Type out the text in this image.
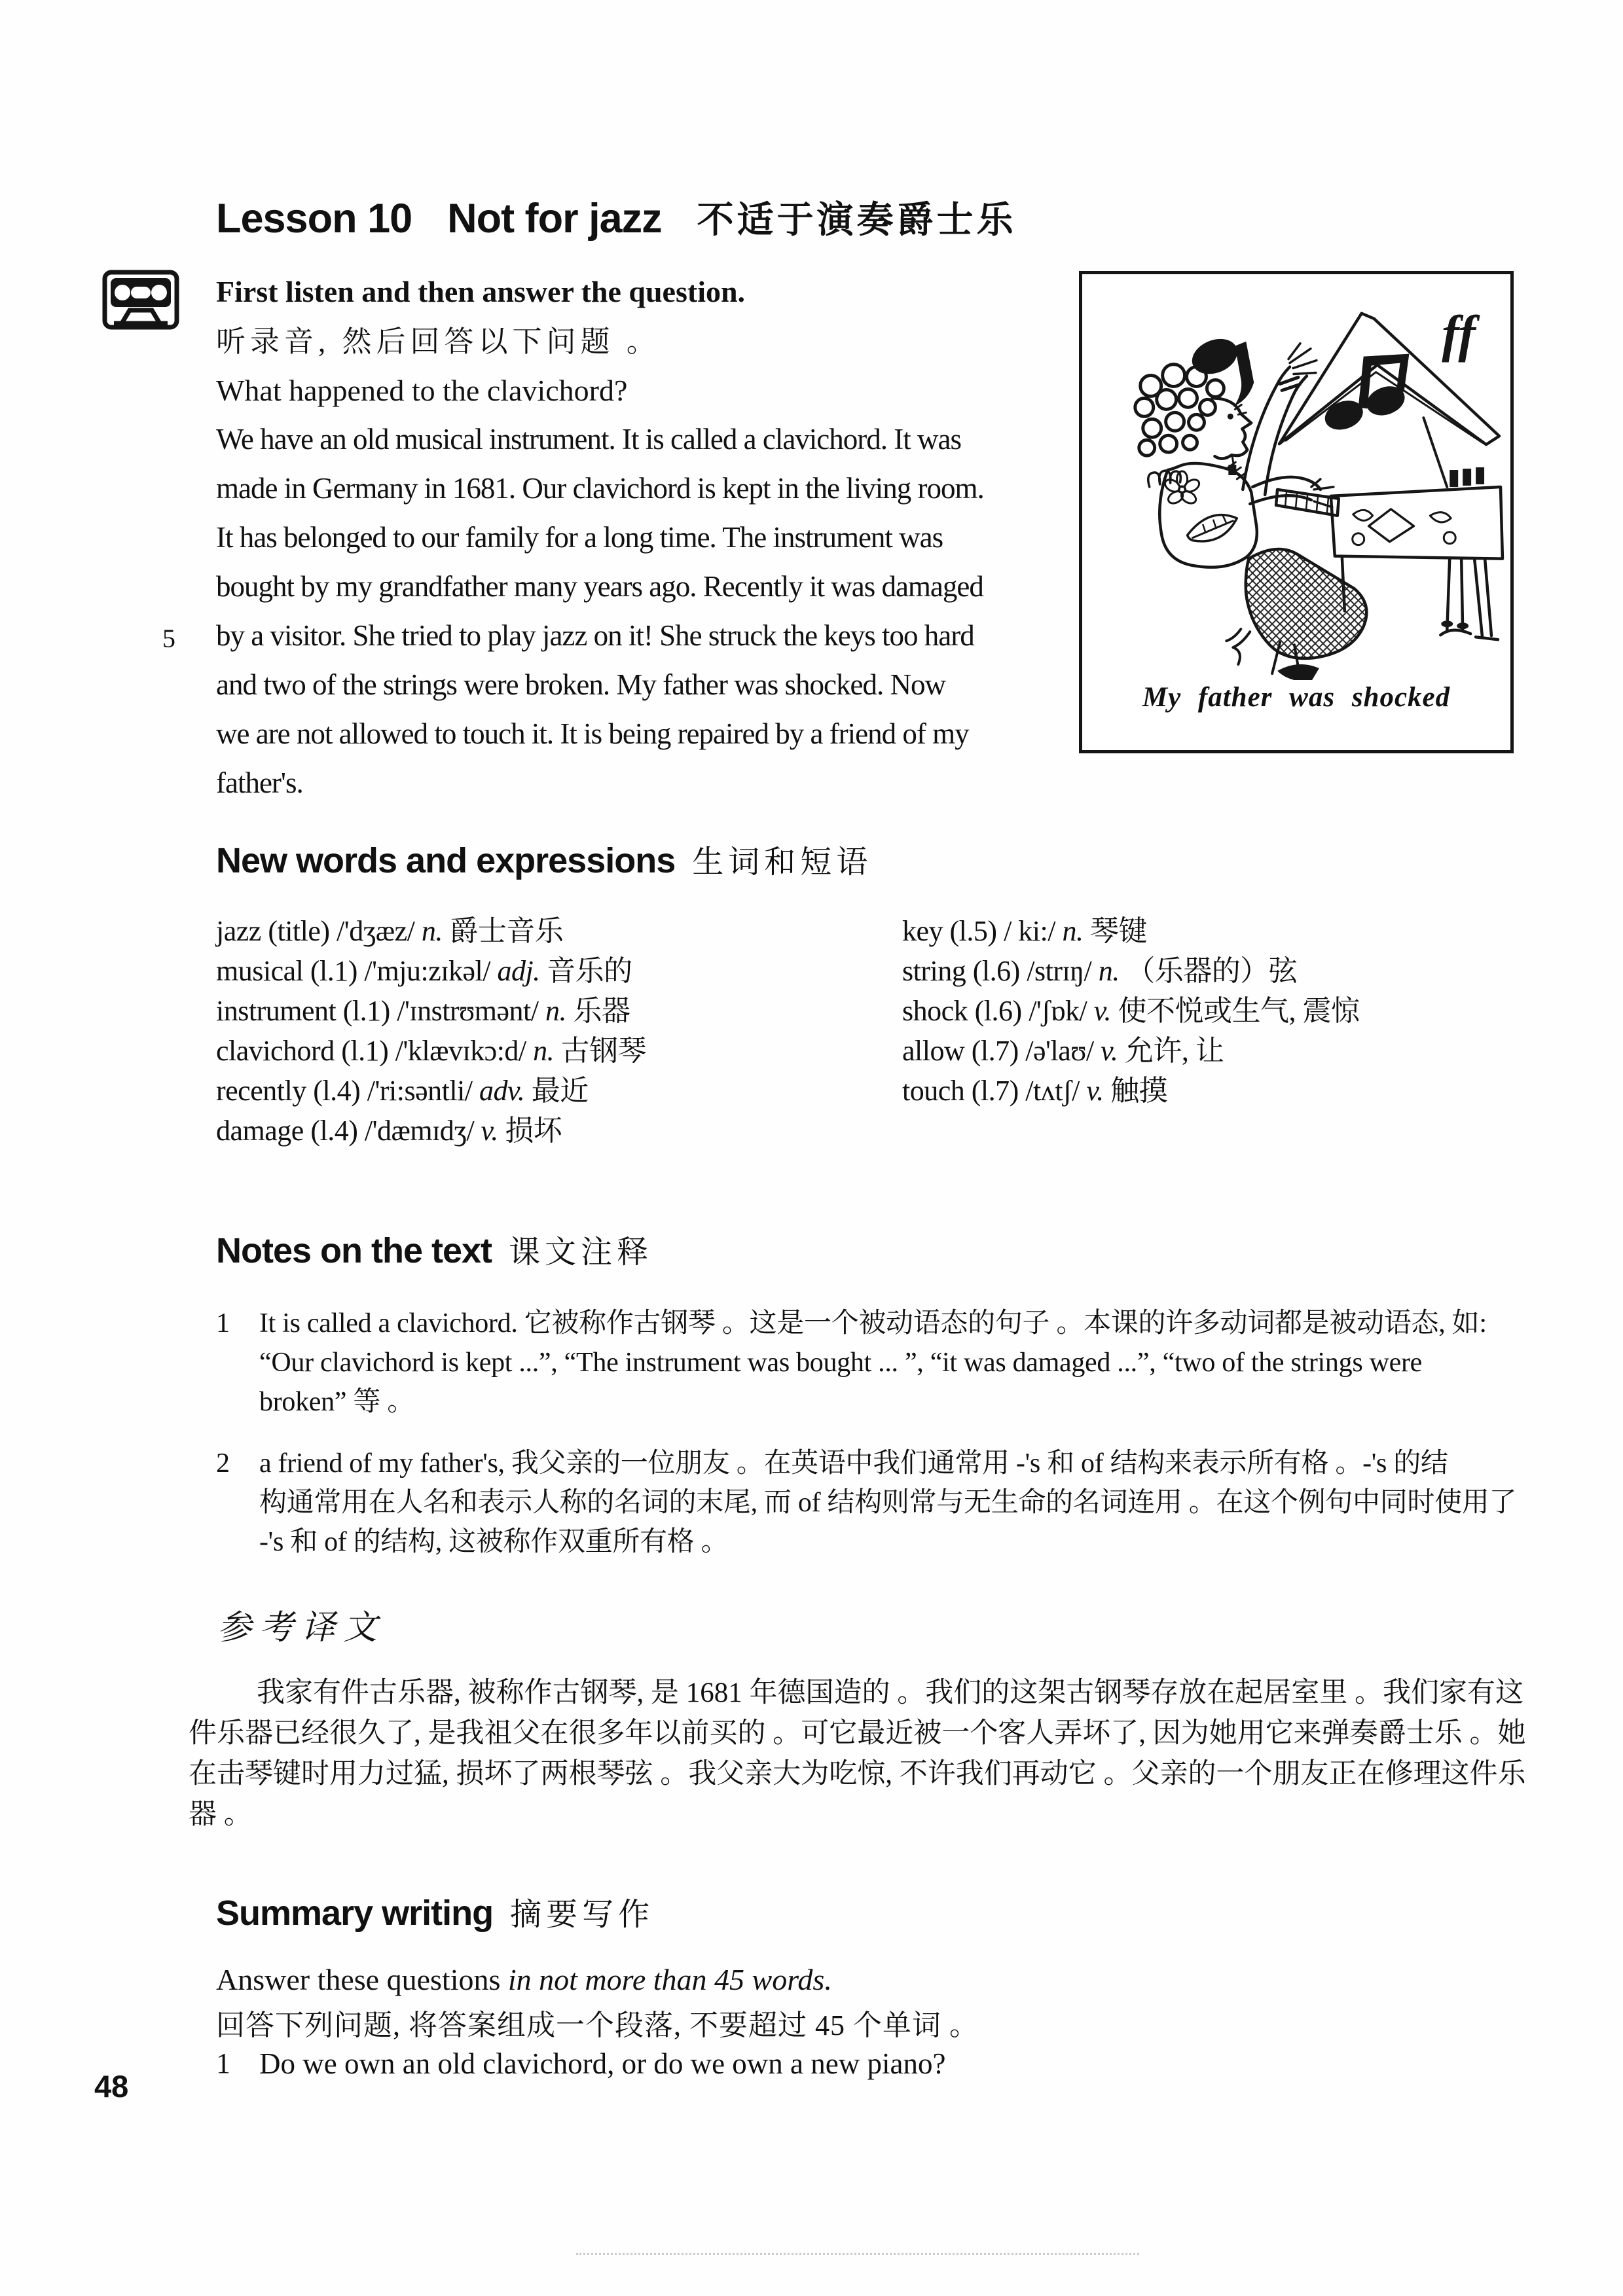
Lesson 10 Not for jazz 不适于演奏爵士乐
First listen and then answer the question.
听录音, 然后回答以下问题 。
What happened to the clavichord?
5
We have an old musical instrument. It is called a clavichord. It was
made in Germany in 1681. Our clavichord is kept in the living room.
It has belonged to our family for a long time. The instrument was
bought by my grandfather many years ago. Recently it was damaged
by a visitor. She tried to play jazz on it! She struck the keys too hard
and two of the strings were broken. My father was shocked. Now
we are not allowed to touch it. It is being repaired by a friend of my
father's.
ff
My father was shocked
New words and expressions 生词和短语
jazz (title) /'dʒæz/ n. 爵士音乐
musical (l.1) /'mju:zɪkəl/ adj. 音乐的
instrument (l.1) /'ɪnstrʊmənt/ n. 乐器
clavichord (l.1) /'klævɪkɔ:d/ n. 古钢琴
recently (l.4) /'ri:səntli/ adv. 最近
damage (l.4) /'dæmɪdʒ/ v. 损坏
key (l.5) / ki:/ n. 琴键
string (l.6) /strɪŋ/ n. （乐器的）弦
shock (l.6) /'ʃɒk/ v. 使不悦或生气, 震惊
allow (l.7) /ə'laʊ/ v. 允许, 让
touch (l.7) /tʌtʃ/ v. 触摸
Notes on the text 课文注释
1	It is called a clavichord. 它被称作古钢琴 。这是一个被动语态的句子 。本课的许多动词都是被动语态, 如:
“Our clavichord is kept ...”, “The instrument was bought ... ”, “it was damaged ...”, “two of the strings were
broken” 等 。
2	a friend of my father's, 我父亲的一位朋友 。在英语中我们通常用 -'s 和 of 结构来表示所有格 。-'s 的结
构通常用在人名和表示人称的名词的末尾, 而 of 结构则常与无生命的名词连用 。在这个例句中同时使用了
-'s 和 of 的结构, 这被称作双重所有格 。
参考译文
我家有件古乐器, 被称作古钢琴, 是 1681 年德国造的 。我们的这架古钢琴存放在起居室里 。我们家有这
件乐器已经很久了, 是我祖父在很多年以前买的 。可它最近被一个客人弄坏了, 因为她用它来弹奏爵士乐 。她
在击琴键时用力过猛, 损坏了两根琴弦 。我父亲大为吃惊, 不许我们再动它 。父亲的一个朋友正在修理这件乐
器 。
Summary writing 摘要写作
Answer these questions in not more than 45 words.
回答下列问题, 将答案组成一个段落, 不要超过 45 个单词 。
1 Do we own an old clavichord, or do we own a new piano?
48
